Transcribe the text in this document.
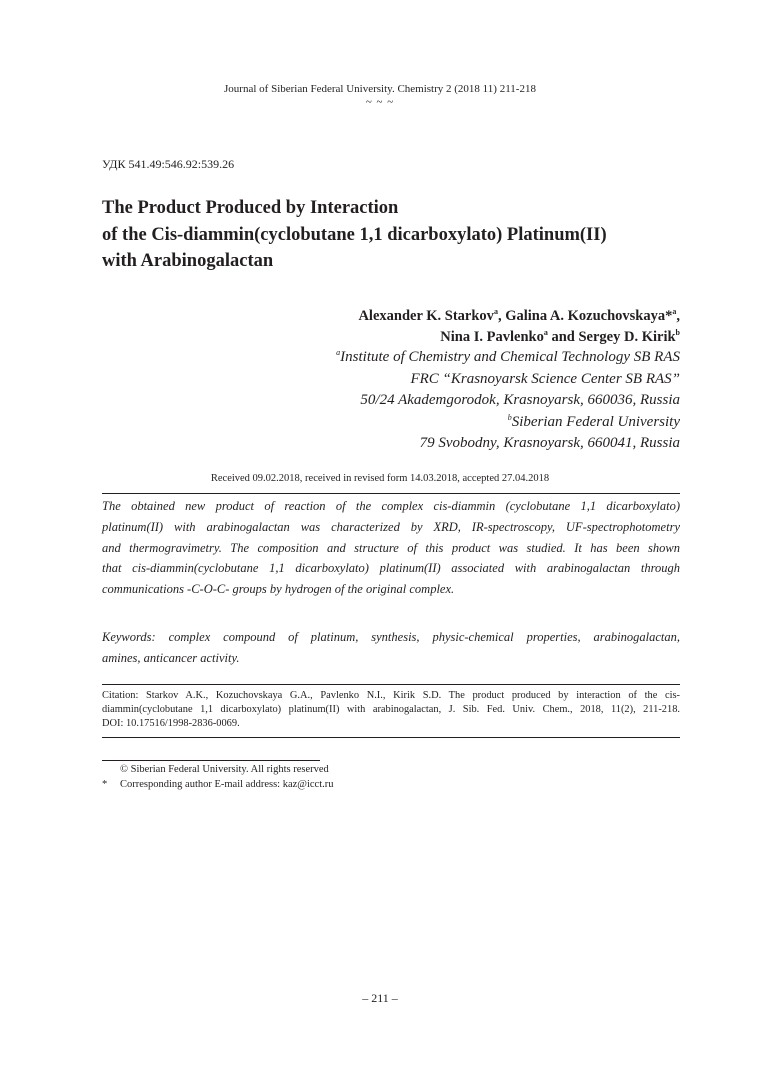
Journal of Siberian Federal University. Chemistry 2 (2018 11) 211-218
~ ~ ~
УДК 541.49:546.92:539.26
The Product Produced by Interaction
of the Cis-diammin(cyclobutane 1,1 dicarboxylato) Platinum(II)
with Arabinogalactan
Alexander K. Starkov$^a$, Galina A. Kozuchovskaya*$^a$,
Nina I. Pavlenko$^a$ and Sergey D. Kirik$^b$
$^a$Institute of Chemistry and Chemical Technology SB RAS
FRC “Krasnoyarsk Science Center SB RAS”
50/24 Akademgorodok, Krasnoyarsk, 660036, Russia
$^b$Siberian Federal University
79 Svobodny, Krasnoyarsk, 660041, Russia
Received 09.02.2018, received in revised form 14.03.2018, accepted 27.04.2018
The obtained new product of reaction of the complex cis-diammin (cyclobutane 1,1 dicarboxylato)
platinum(II) with arabinogalactan was characterized by XRD, IR-spectroscopy, UF-spectrophotometry
and thermogravimetry. The composition and structure of this product was studied. It has been shown
that cis-diammin(cyclobutane 1,1 dicarboxylato) platinum(II) associated with arabinogalactan through
communications -C-O-C- groups by hydrogen of the original complex.
Keywords: complex compound of platinum, synthesis, physic-chemical properties, arabinogalactan,
amines, anticancer activity.
Citation: Starkov A.K., Kozuchovskaya G.A., Pavlenko N.I., Kirik S.D. The product produced by interaction of the cis-
diammin(cyclobutane 1,1 dicarboxylato) platinum(II) with arabinogalactan, J. Sib. Fed. Univ. Chem., 2018, 11(2), 211-218.
DOI: 10.17516/1998-2836-0069.
© Siberian Federal University. All rights reserved
*	Corresponding author E-mail address: kaz@icct.ru
– 211 –
